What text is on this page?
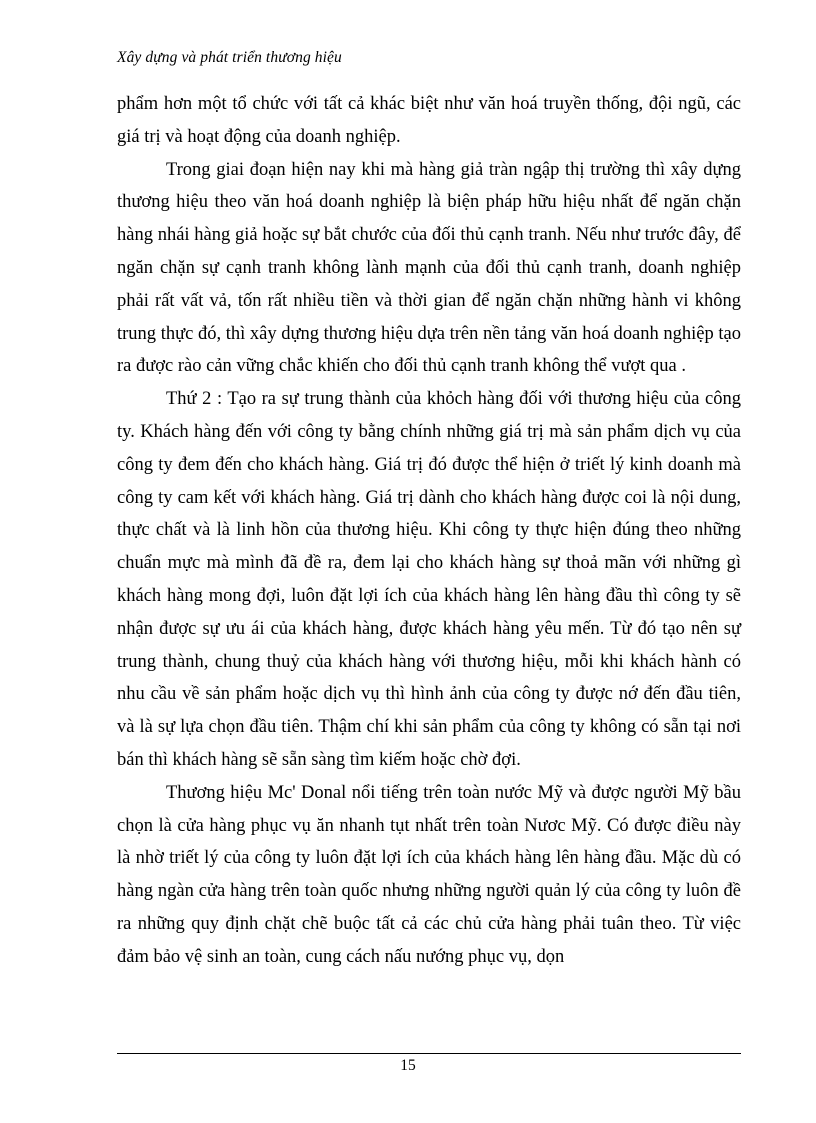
Xây dựng và phát triển thương hiệu

phẩm hơn một tổ chức với tất cả khác biệt như văn hoá truyền thống, đội ngũ, các giá trị và hoạt động của doanh nghiệp.

Trong giai đoạn hiện nay khi mà hàng giả tràn ngập thị trường thì xây dựng thương hiệu theo văn hoá doanh nghiệp là biện pháp hữu hiệu nhất để ngăn chặn hàng nhái hàng giả hoặc sự bắt chước của đối thủ cạnh tranh. Nếu như trước đây, để ngăn chặn sự cạnh tranh không lành mạnh của đối thủ cạnh tranh, doanh nghiệp phải rất vất vả, tốn rất nhiều tiền và thời gian để ngăn chặn những hành vi không trung thực đó, thì xây dựng thương hiệu dựa trên nền tảng văn hoá doanh nghiệp tạo ra được rào cản vững chắc khiến cho đối thủ cạnh tranh không thể vượt qua .

Thứ 2 : Tạo ra sự trung thành của khỏch hàng đối với thương hiệu của công ty. Khách hàng đến với công ty bằng chính những giá trị mà sản phẩm dịch vụ của công ty đem đến cho khách hàng. Giá trị đó được thể hiện ở triết lý kinh doanh mà công ty cam kết với khách hàng. Giá trị dành cho khách hàng được coi là nội dung, thực chất và là linh hồn của thương hiệu. Khi công ty thực hiện đúng theo những chuẩn mực mà mình đã đề ra, đem lại cho khách hàng sự thoả mãn với những gì khách hàng mong đợi, luôn đặt lợi ích của khách hàng lên hàng đầu thì công ty sẽ nhận được sự ưu ái của khách hàng, được khách hàng yêu mến. Từ đó tạo nên sự trung thành, chung thuỷ của khách hàng với thương hiệu, mỗi khi khách hành có nhu cầu về sản phẩm hoặc dịch vụ thì hình ảnh của công ty được nớ đến đầu tiên, và là sự lựa chọn đầu tiên. Thậm chí khi sản phẩm của công ty không có sẵn tại nơi bán thì khách hàng sẽ sẵn sàng tìm kiếm hoặc chờ đợi.

Thương hiệu Mc' Donal nổi tiếng trên toàn nước Mỹ và được người Mỹ bầu chọn là cửa hàng phục vụ ăn nhanh tụt nhất trên toàn Nươc Mỹ. Có được điều này là nhờ triết lý của công ty luôn đặt lợi ích của khách hàng lên hàng đầu. Mặc dù có hàng ngàn cửa hàng trên toàn quốc nhưng những người quản lý của công ty luôn đề ra những quy định chặt chẽ buộc tất cả các chủ cửa hàng phải tuân theo. Từ việc đảm bảo vệ sinh an toàn, cung cách nấu nướng phục vụ, dọn

15
